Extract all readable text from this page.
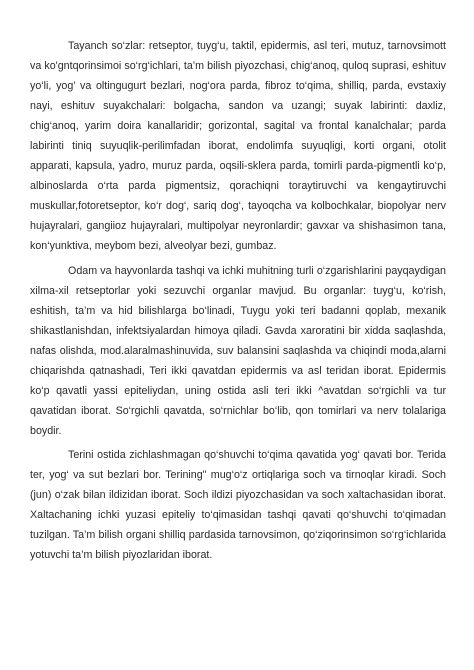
Tayanch so‘zlar: retseptor, tuyg‘u, taktil, epidermis, asl teri, mutuz, tarnovsimott va ko'gntqorinsimoi so‘rg‘ichlari, ta’m bilish piyozchasi, chig‘anoq, quloq suprasi, eshituv yo‘li, yog’ va oltingugurt bezlari, nog‘ora parda, fibroz to‘qima, shilliq, parda, evstaxiy nayi, eshituv suyakchalari: bolgacha, sandon va uzangi; suyak labirinti: daxliz, chig‘anoq, yarim doira kanallaridir; gorizontal, sagital va frontal kanalchalar; parda labirinti tiniq suyuqlik-perilimfadan iborat, endolimfa suyuqligi, korti organi, otolit apparati, kapsula, yadro, muruz parda, oqsili-sklera parda, tomirli parda-pigmentli ko‘p, albinoslarda o‘rta parda pigmentsiz, qorachiqni toraytiruvchi va kengaytiruvchi muskullar,fotoretseptor, ko‘r dog‘, sariq dog‘, tayoqcha va kolbochkalar, biopolyar nerv hujayralari, gangiioz hujayralari, multipolyar neyronlardir; gavxar va shishasimon tana, kon‘yunktiva, meybom bezi, alveolyar bezi, gumbaz.

Odam va hayvonlarda tashqi va ichki muhitning turli o‘zgarishlarini payqaydigan xilma-xil retseptorlar yoki sezuvchi organlar mavjud. Bu organlar: tuyg‘u, ko‘rish, eshitish, ta’m va hid bilishlarga bo‘linadi, Tuygu yoki teri badanni qoplab, mexanik shikastlanishdan, infektsiyalardan himoya qiladi. Gavda xaroratini bir xidda saqlashda, nafas olishda, mod.alaralmashinuvida, suv balansini saqlashda va chiqindi moda,alarni chiqarishda qatnashadi, Teri ikki qavatdan epidermis va asl teridan iborat. Epidermis ko‘p qavatli yassi epiteliydan, uning ostida asli teri ikki ^avatdan so‘rgichli va tur qavatidan iborat. So‘rgichli qavatda, so‘rnichlar bo‘lib, qon tomirlari va nerv tolalariga boydir.

Terini ostida zichlashmagan qo‘shuvchi to‘qima qavatida yog‘ qavati bor. Terida ter, yog‘ va sut bezlari bor. Terining" mug‘o‘z ortiqlariga soch va tirnoqlar kiradi. Soch (jun) o‘zak bilan ildizidan iborat. Soch ildizi piyozchasidan va soch xaltachasidan iborat. Xaltachaning ichki yuzasi epiteliy to‘qimasidan tashqi qavati qo‘shuvchi to‘qimadan tuzilgan. Ta’m bilish organi shilliq pardasida tarnovsimon, qo‘ziqorinsimon so‘rg‘ichlarida yotuvchi ta’m bilish piyozlaridan iborat.
